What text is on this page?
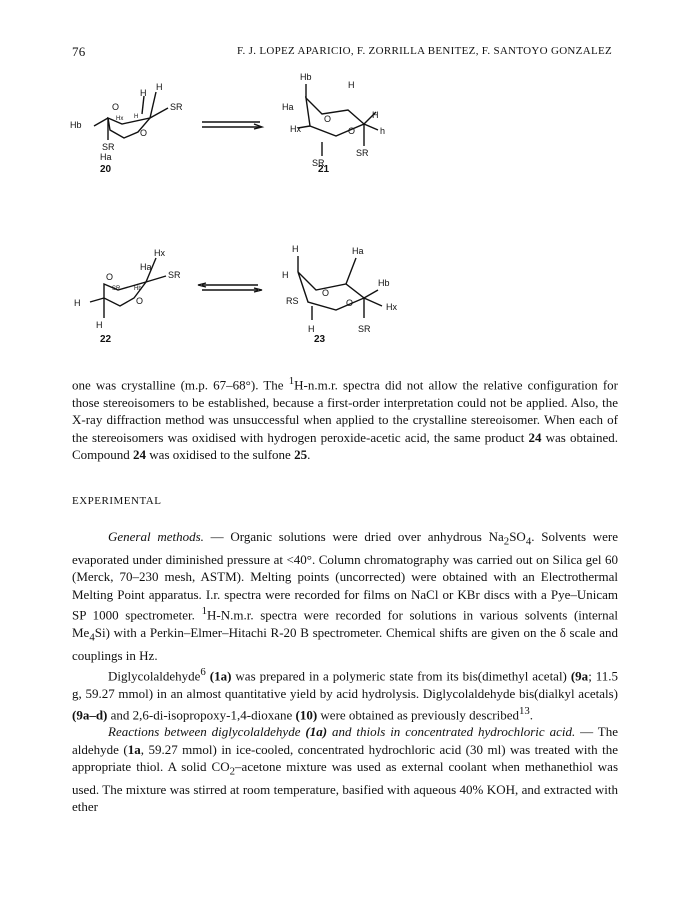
76	F. J. LOPEZ APARICIO, F. ZORRILLA BENITEZ, F. SANTOYO GONZALEZ
H
H
SR
O
Hx H
O
Hb
SR
Ha
Hb
H
Ha
O	H
Hx	O	h
SR
SR
Hx
Ha
SR
O
SR Hb
O
H
H
H	Ha
H
O
Hb
RS	O	Hx
H	SR
20	21
22	23

one was crystalline (m.p. 67–68°). The $^1$H-n.m.r. spectra did not allow the relative configuration for those stereoisomers to be established, because a first-order interpretation could not be applied. Also, the X-ray diffraction method was unsuccessful when applied to the crystalline stereoisomer. When each of the stereoisomers was oxidised with hydrogen peroxide-acetic acid, the same product 24 was obtained. Compound 24 was oxidised to the sulfone 25.

EXPERIMENTAL

General methods. — Organic solutions were dried over anhydrous $Na_2SO_4$. Solvents were evaporated under diminished pressure at <40°. Column chromatography was carried out on Silica gel 60 (Merck, 70–230 mesh, ASTM). Melting points (uncorrected) were obtained with an Electrothermal Melting Point apparatus. I.r. spectra were recorded for films on NaCl or KBr discs with a Pye–Unicam SP 1000 spectrometer. $^1$H-N.m.r. spectra were recorded for solutions in various solvents (internal $Me_4Si$) with a Perkin–Elmer–Hitachi R-20 B spectrometer. Chemical shifts are given on the δ scale and couplings in Hz.

Diglycolaldehyde$^6$ (1a) was prepared in a polymeric state from its bis(dimethyl acetal) (9a; 11.5 g, 59.27 mmol) in an almost quantitative yield by acid hydrolysis. Diglycolaldehyde bis(dialkyl acetals) (9a–d) and 2,6-di-isopropoxy-1,4-dioxane (10) were obtained as previously described$^{13}$.

Reactions between diglycolaldehyde (1a) and thiols in concentrated hydrochloric acid. — The aldehyde (1a, 59.27 mmol) in ice-cooled, concentrated hydrochloric acid (30 ml) was treated with the appropriate thiol. A solid $CO_2$–acetone mixture was used as external coolant when methanethiol was used. The mixture was stirred at room temperature, basified with aqueous 40% KOH, and extracted with ether
